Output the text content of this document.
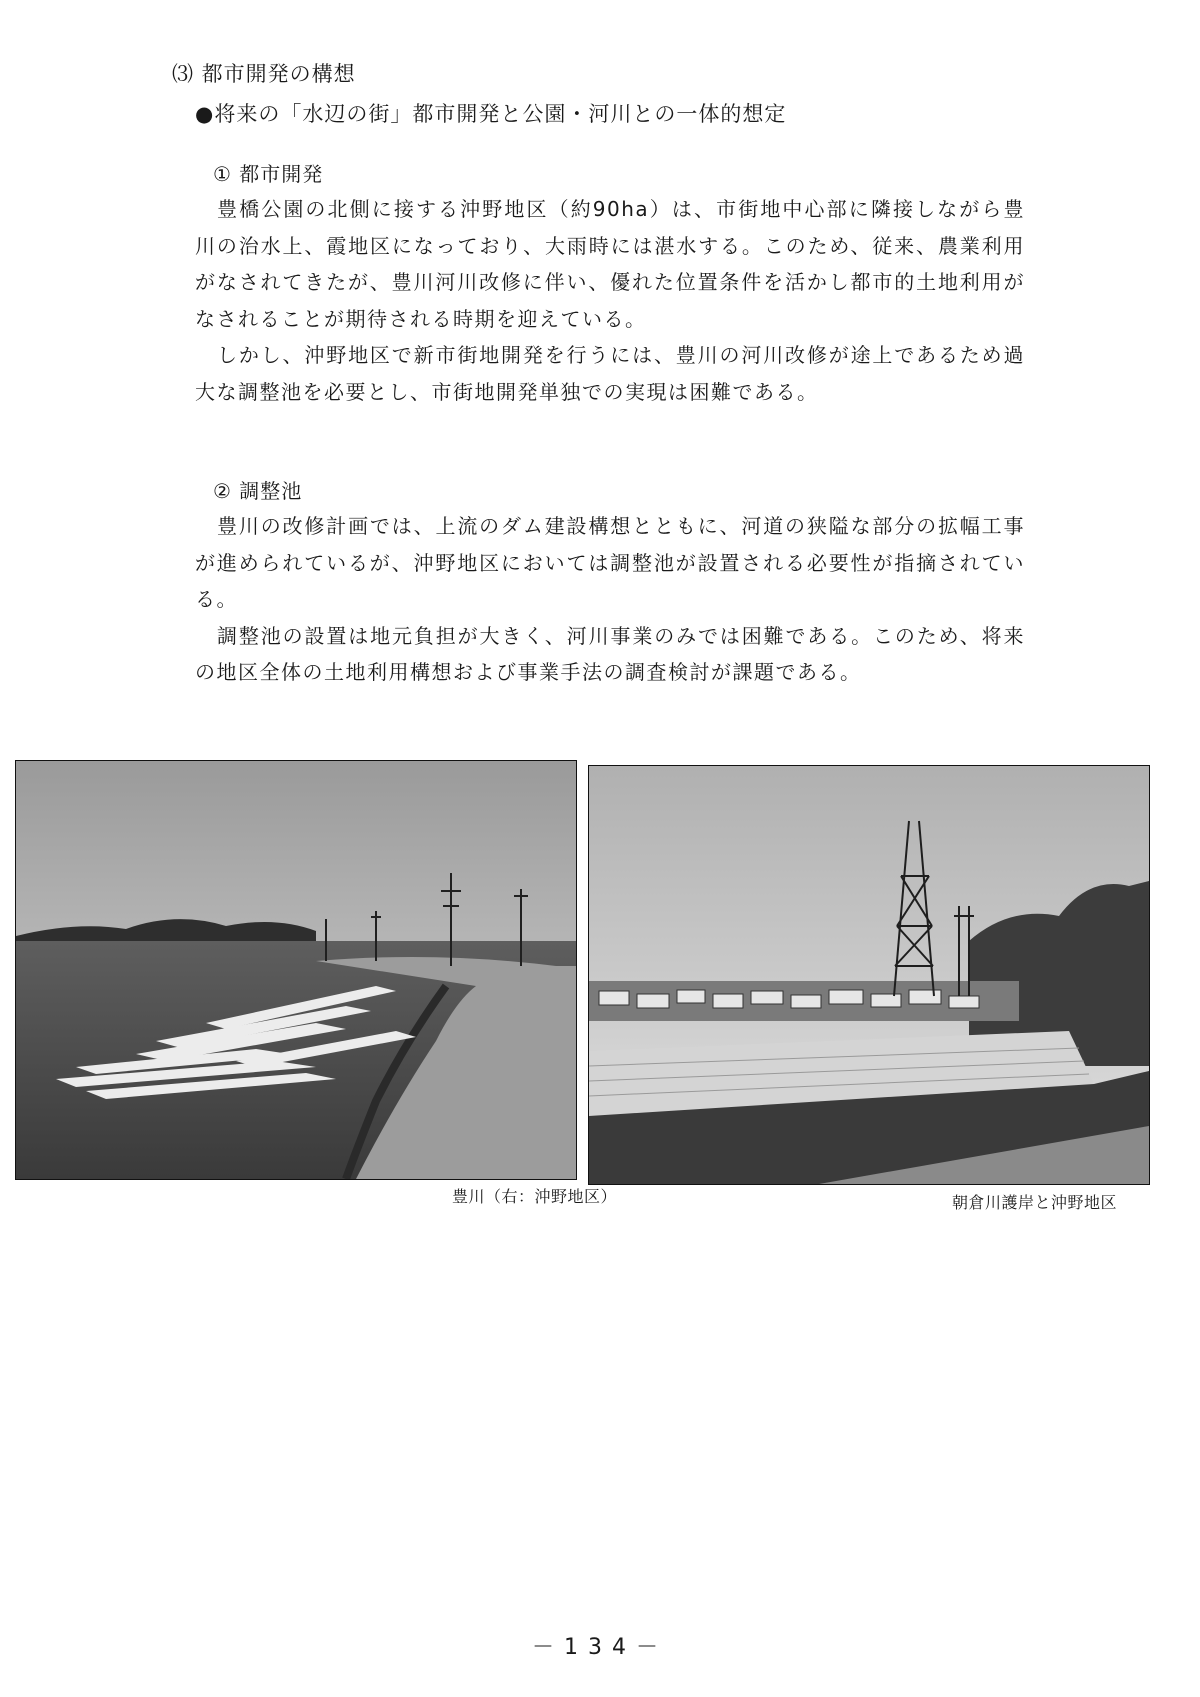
⑶ 都市開発の構想
●将来の「水辺の街」都市開発と公園・河川との一体的想定
① 都市開発

豊橋公園の北側に接する沖野地区（約90ha）は、市街地中心部に隣接しながら豊川の治水上、霞地区になっており、大雨時には湛水する。このため、従来、農業利用がなされてきたが、豊川河川改修に伴い、優れた位置条件を活かし都市的土地利用がなされることが期待される時期を迎えている。

しかし、沖野地区で新市街地開発を行うには、豊川の河川改修が途上であるため過大な調整池を必要とし、市街地開発単独での実現は困難である。

② 調整池

豊川の改修計画では、上流のダム建設構想とともに、河道の狭隘な部分の拡幅工事が進められているが、沖野地区においては調整池が設置される必要性が指摘されている。

調整池の設置は地元負担が大きく、河川事業のみでは困難である。このため、将来の地区全体の土地利用構想および事業手法の調査検討が課題である。

豊川（右：沖野地区）	朝倉川護岸と沖野地区
－134－
